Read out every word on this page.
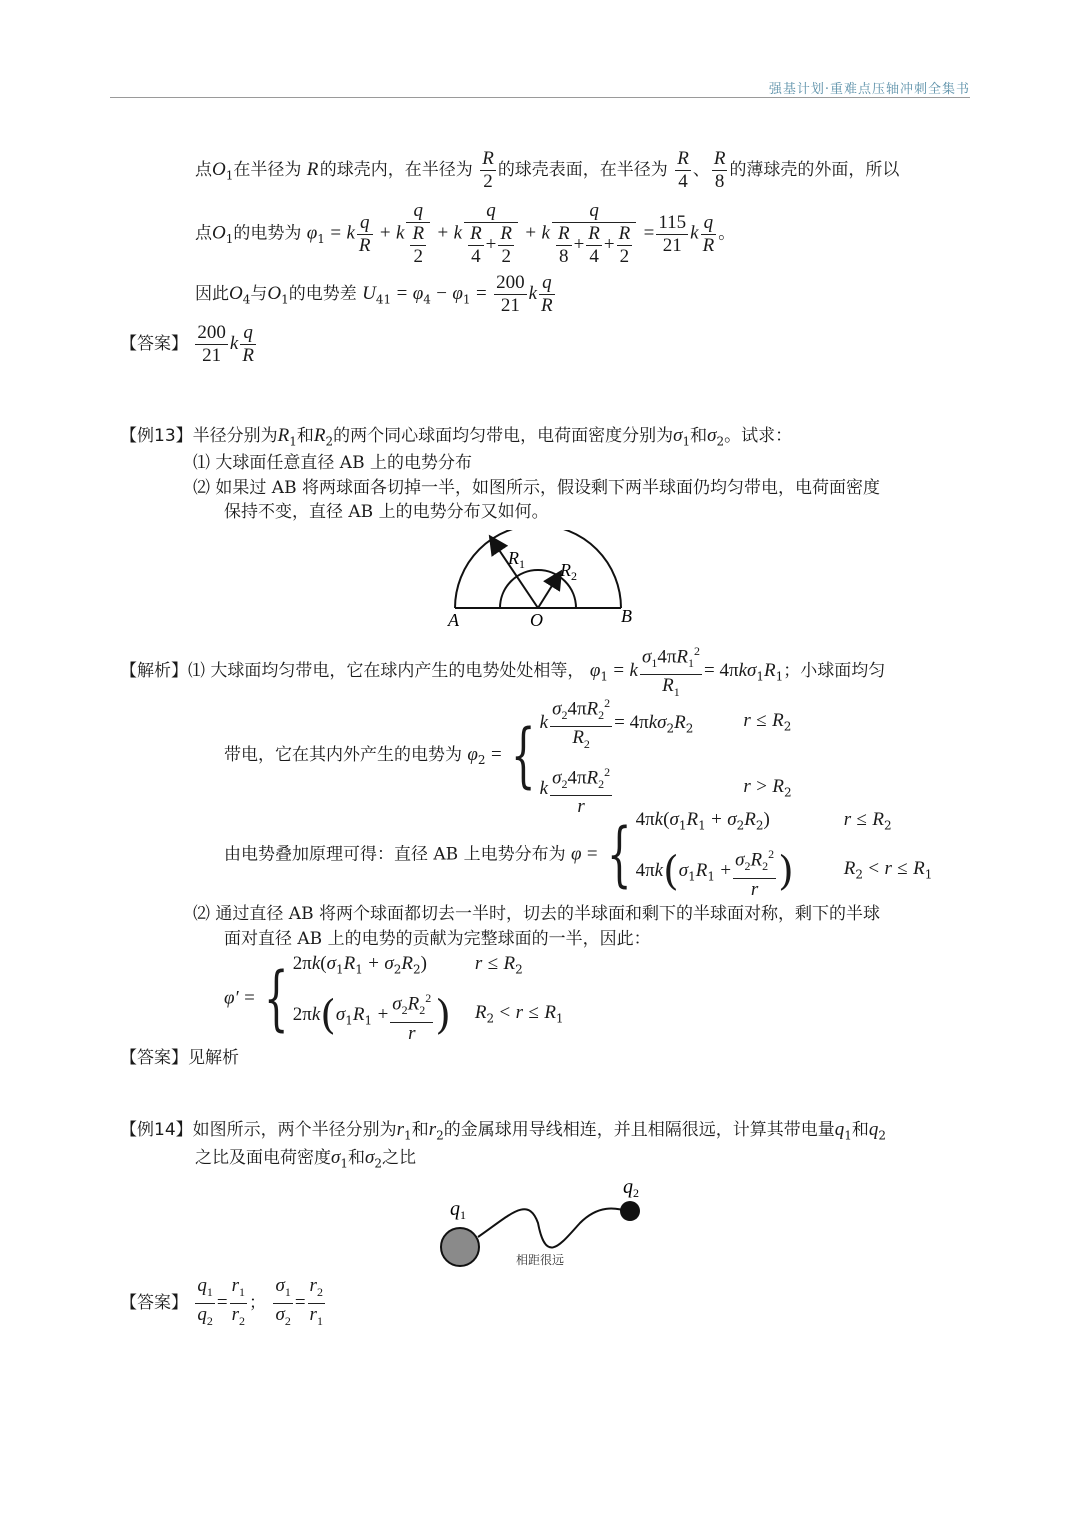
强基计划·重难点压轴冲刺全集书
点$O_1$在半径为 R 的球壳内，在半径为 $\frac{R}{2}$ 的球壳表面，在半径为 $\frac{R}{4}$ 、 $\frac{R}{8}$ 的薄球壳的外面，所以
点$O_1$的电势为 $\varphi_1 = k \frac{q}{R} + k \frac{q}{\frac{R}{2}} + k \frac{q}{\frac{R}{4} + \frac{R}{2}} + k \frac{q}{\frac{R}{8} + \frac{R}{4} + \frac{R}{2}} = \frac{115}{21}$ k $\frac{q}{R}$ 。
因此$O_4$与$O_1$的电势差 $U_{41} = \varphi_4 - \varphi_1 = \frac{200}{21}$ k $\frac{q}{R}$
【答案】 $\frac{200}{21}$ k $\frac{q}{R}$
【例13】半径分别为$R_1$和$R_2$的两个同心球面均匀带电，电荷面密度分别为$\sigma_1$和$\sigma_2$。试求：
⑴ 大球面任意直径 AB 上的电势分布
⑵ 如果过 AB 将两球面各切掉一半，如图所示，假设剩下两半球面仍均匀带电，电荷面密度
保持不变，直径 AB 上的电势分布又如何。
$R_1$ $R_2$
A	O	B
【解析】⑴ 大球面均匀带电，它在球内产生的电势处处相等， $\varphi_1 = k \frac{\sigma_14\pi R_1^2}{R_1} = 4\pi k\sigma_1R_1$；小球面均匀
带电，它在其内外产生的电势为 $\varphi_2$ = { k $\frac{\sigma_24\pi R_2^2}{R_2} = 4\pi k\sigma_2R_2$	$r \le R_2$
k $\frac{\sigma_24\pi R_2^2}{r}$	$r > R_2$
由电势叠加原理可得：直径 AB 上电势分布为 φ = { $4\pi k(\sigma_1R_1 + \sigma_2R_2)$	$r \le R_2$
$4\pi k(\sigma_1R_1 + \frac{\sigma_2R_2^2}{r}$ )	$R_2 < r \le R_1$
⑵ 通过直径 AB 将两个球面都切去一半时，切去的半球面和剩下的半球面对称，剩下的半球
面对直径 AB 上的电势的贡献为完整球面的一半，因此：
φ′ = { $2\pi k(\sigma_1R_1 + \sigma_2R_2)$	$r \le R_2$
$2\pi k(\sigma_1R_1 + \frac{\sigma_2R_2^2}{r}$ ) $R_2 < r \le R_1$
【答案】见解析
【例14】如图所示，两个半径分别为$r_1$和$r_2$的金属球用导线相连，并且相隔很远，计算其带电量$q_1$和$q_2$
之比及面电荷密度$\sigma_1$和$\sigma_2$之比
$q_1$
$q_2$
相距很远
【答案】 $\frac{q_1}{q_2} = \frac{r_1}{r_2}$ ； $\frac{\sigma_1}{\sigma_2} = \frac{r_2}{r_1}$
